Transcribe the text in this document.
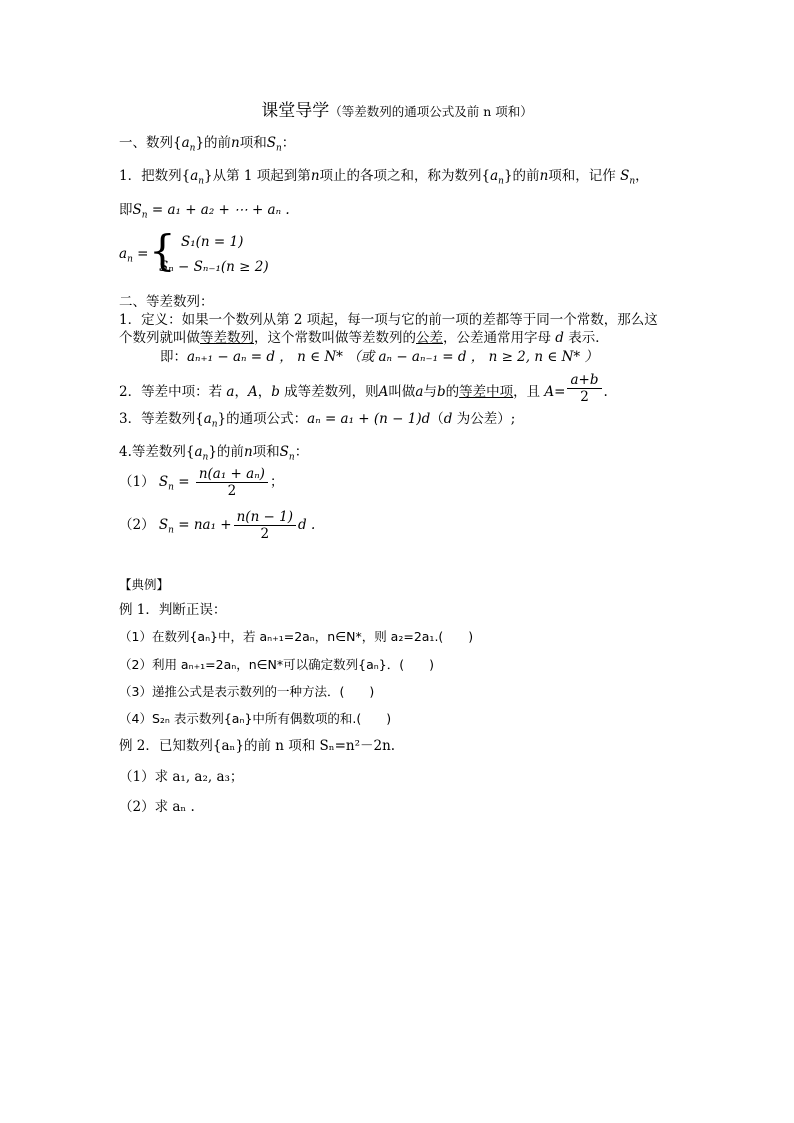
课堂导学（等差数列的通项公式及前 n 项和）
一、数列$\{a_n\}$的前n项和$S_n$：
1．把数列$\{a_n\}$从第 1 项起到第n项止的各项之和，称为数列$\{a_n\}$的前n项和，记作 $S_n$，
即$S_n = a_1 + a_2$ + ⋯ + aₙ .
$a_n$ = { S₁(n = 1)
Sₙ − Sₙ₋₁(n ≥ 2)
二、等差数列：
1．定义：如果一个数列从第 2 项起，每一项与它的前一项的差都等于同一个常数，那么这
个数列就叫做等差数列，这个常数叫做等差数列的公差，公差通常用字母 d 表示．
即：aₙ₊₁ − aₙ = d ， n ∈ N* （或 aₙ − aₙ₋₁ = d ， n ≥ 2, n ∈ N* ）
2．等差中项：若 a，A，b 成等差数列，则A叫做a与b的等差中项，且 $A= \frac{a+b}{2}$ .
3．等差数列$\{a_n\}$的通项公式：aₙ = a₁ + (n − 1)d（d 为公差）;
4.等差数列$\{a_n\}$的前n项和$S_n$：
（1） $S_n = \frac{\text{n(a₁ + aₙ)}}{2}$ ；
（2） $S_n = na_1 + \frac{n(n - 1)}{2}$ d .
【典例】
例 1．判断正误：
（1）在数列{aₙ}中，若 aₙ₊₁=2aₙ，n∈N*，则 a₂=2a₁.(　　)
（2）利用 aₙ₊₁=2aₙ，n∈N*可以确定数列{aₙ}．(　　)
（3）递推公式是表示数列的一种方法．(　　)
（4）S₂ₙ 表示数列{aₙ}中所有偶数项的和.(　　)
例 2．已知数列{aₙ}的前 n 项和 Sₙ=n²－2n.
（1）求 a₁, a₂, a₃；
（2）求 aₙ .
